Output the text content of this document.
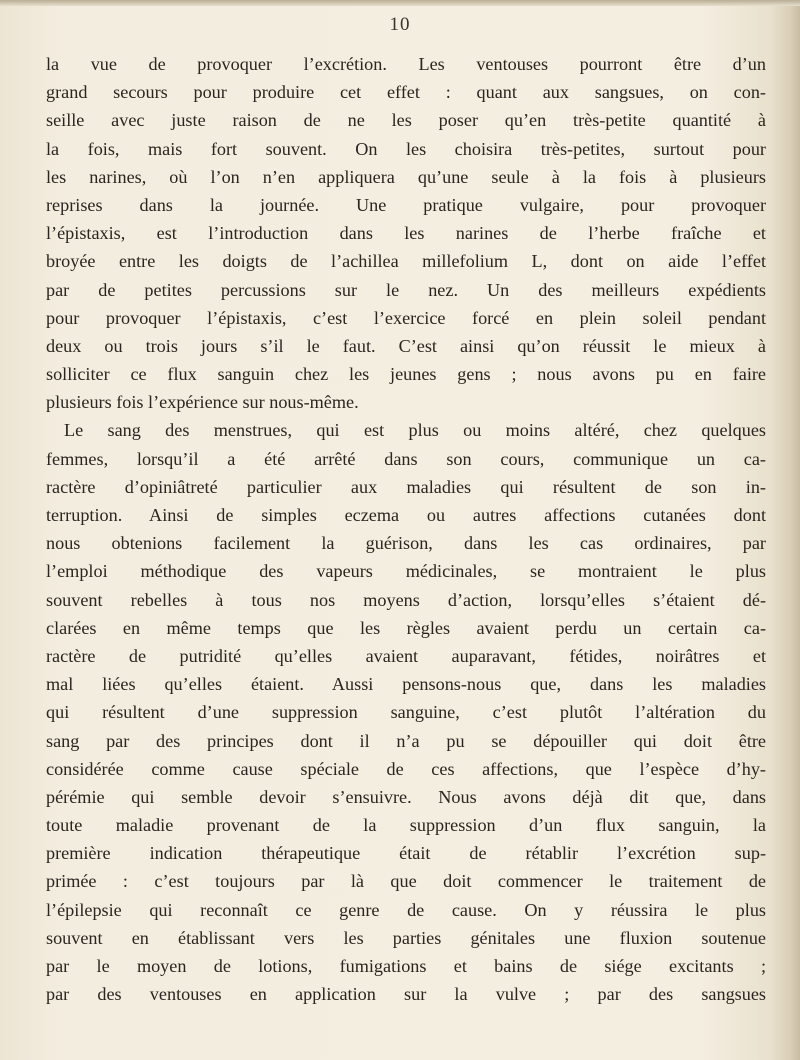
10
la vue de provoquer l’excrétion. Les ventouses pourront être d’un
grand secours pour produire cet effet : quant aux sangsues, on con-
seille avec juste raison de ne les poser qu’en très-petite quantité à
la fois, mais fort souvent. On les choisira très-petites, surtout pour
les narines, où l’on n’en appliquera qu’une seule à la fois à plusieurs
reprises dans la journée. Une pratique vulgaire, pour provoquer
l’épistaxis, est l’introduction dans les narines de l’herbe fraîche et
broyée entre les doigts de l’achillea millefolium L, dont on aide l’effet
par de petites percussions sur le nez. Un des meilleurs expédients
pour provoquer l’épistaxis, c’est l’exercice forcé en plein soleil pendant
deux ou trois jours s’il le faut. C’est ainsi qu’on réussit le mieux à
solliciter ce flux sanguin chez les jeunes gens ; nous avons pu en faire
plusieurs fois l’expérience sur nous-même.
Le sang des menstrues, qui est plus ou moins altéré, chez quelques
femmes, lorsqu’il a été arrêté dans son cours, communique un ca-
ractère d’opiniâtreté particulier aux maladies qui résultent de son in-
terruption. Ainsi de simples eczema ou autres affections cutanées dont
nous obtenions facilement la guérison, dans les cas ordinaires, par
l’emploi méthodique des vapeurs médicinales, se montraient le plus
souvent rebelles à tous nos moyens d’action, lorsqu’elles s’étaient dé-
clarées en même temps que les règles avaient perdu un certain ca-
ractère de putridité qu’elles avaient auparavant, fétides, noirâtres et
mal liées qu’elles étaient. Aussi pensons-nous que, dans les maladies
qui résultent d’une suppression sanguine, c’est plutôt l’altération du
sang par des principes dont il n’a pu se dépouiller qui doit être
considérée comme cause spéciale de ces affections, que l’espèce d’hy-
pérémie qui semble devoir s’ensuivre. Nous avons déjà dit que, dans
toute maladie provenant de la suppression d’un flux sanguin, la
première indication thérapeutique était de rétablir l’excrétion sup-
primée : c’est toujours par là que doit commencer le traitement de
l’épilepsie qui reconnaît ce genre de cause. On y réussira le plus
souvent en établissant vers les parties génitales une fluxion soutenue
par le moyen de lotions, fumigations et bains de siége excitants ;
par des ventouses en application sur la vulve ; par des sangsues
